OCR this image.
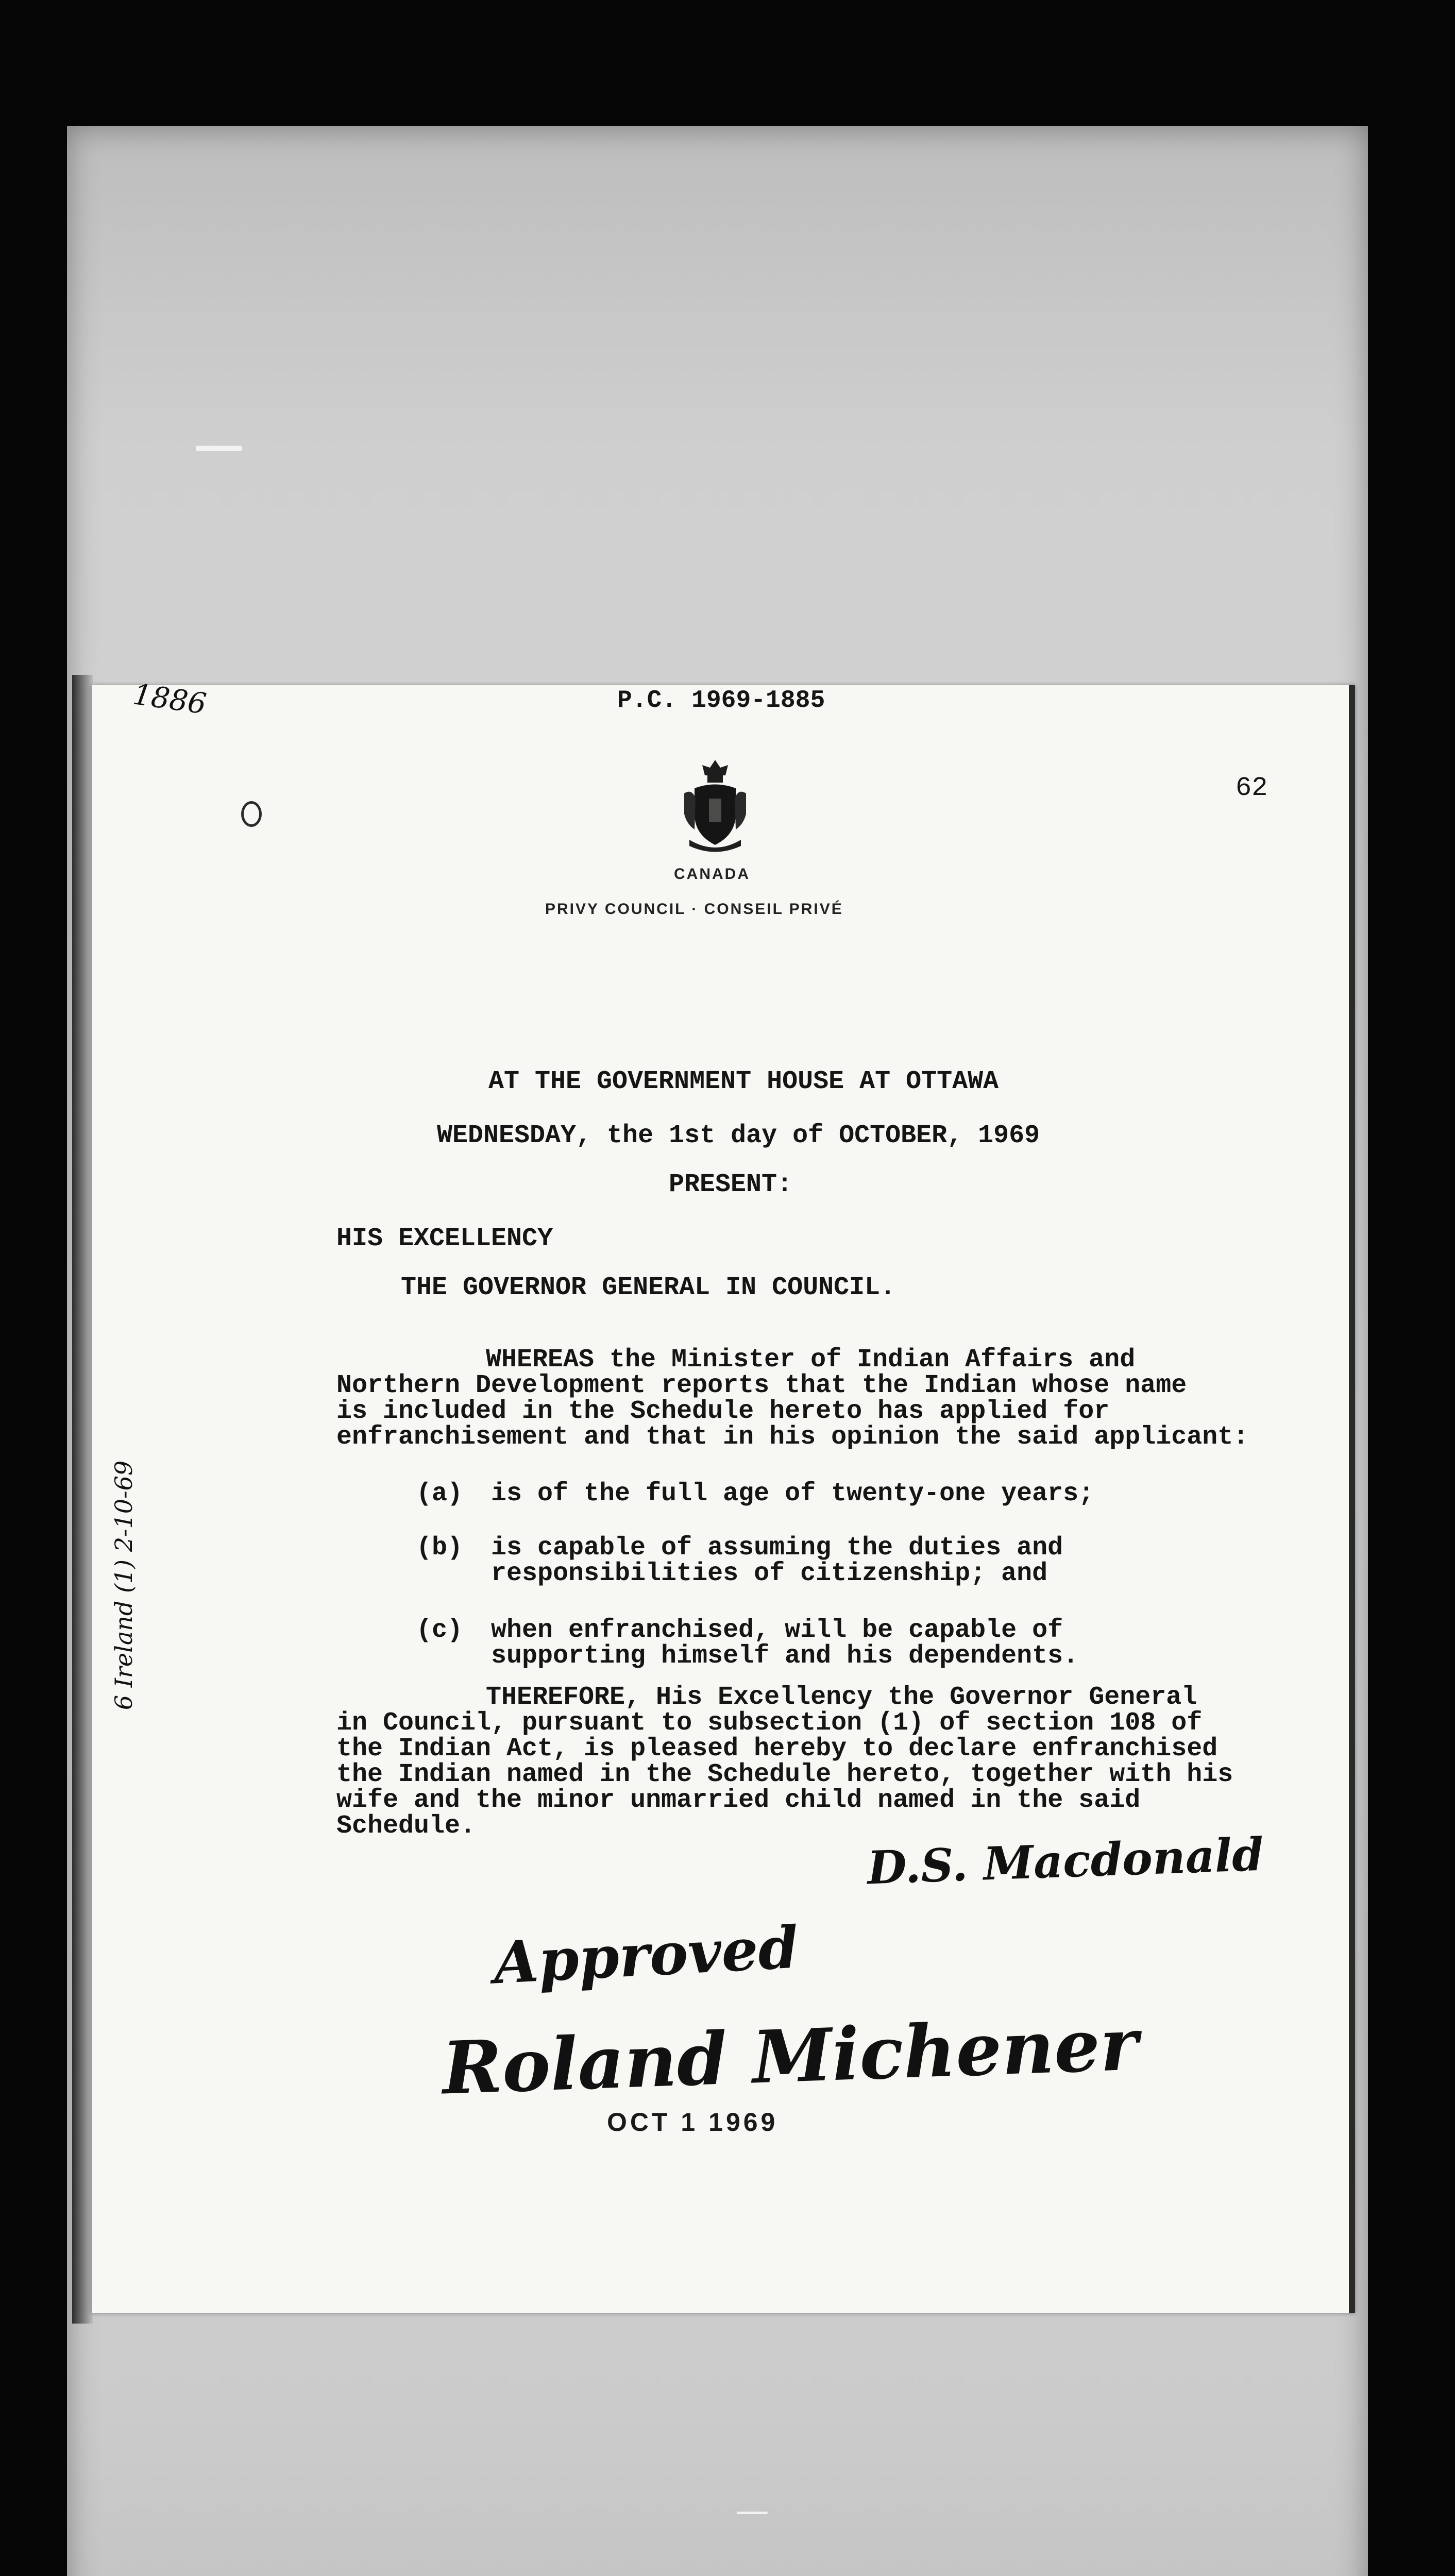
P.C. 1969-1885
1886
62
CANADA
PRIVY COUNCIL · CONSEIL PRIVÉ
AT THE GOVERNMENT HOUSE AT OTTAWA
WEDNESDAY, the 1st day of OCTOBER, 1969
PRESENT:
HIS EXCELLENCY
THE GOVERNOR GENERAL IN COUNCIL.
WHEREAS the Minister of Indian Affairs and
Northern Development reports that the Indian whose name
is included in the Schedule hereto has applied for
enfranchisement and that in his opinion the said applicant:
(a) is of the full age of twenty-one years;
(b) is capable of assuming the duties and
responsibilities of citizenship; and
(c) when enfranchised, will be capable of
supporting himself and his dependents.
THEREFORE, His Excellency the Governor General
in Council, pursuant to subsection (1) of section 108 of
the Indian Act, is pleased hereby to declare enfranchised
the Indian named in the Schedule hereto, together with his
wife and the minor unmarried child named in the said
Schedule.
D.S. Macdonald
Approved
Roland Michener
OCT 1 1969
6 Ireland (1) 2-10-69
